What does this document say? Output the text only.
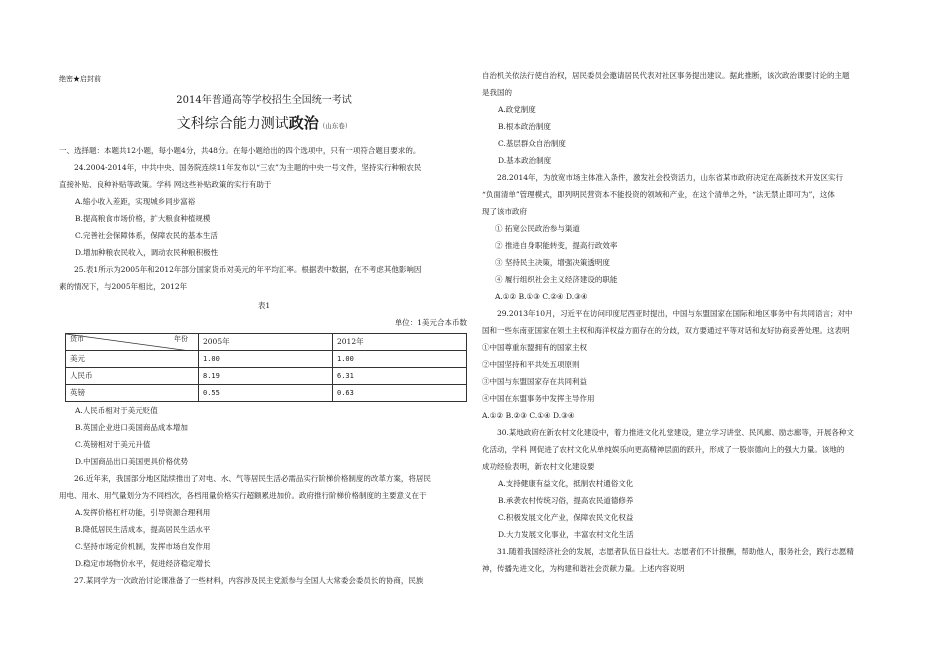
绝密★启封前

2014年普通高等学校招生全国统一考试

文科综合能力测试政治（山东卷）

一、选择题：本题共12小题，每小题4分，共48分。在每小题给出的四个选项中，只有一项符合题目要求的。

24.2004-2014年，中共中央、国务院连续11年发布以“三农”为主题的中央一号文件，坚持实行种粮农民

直接补贴、良种补贴等政策。学科 网这些补贴政策的实行有助于

A.缩小收入差距，实现城乡同步富裕

B.提高粮食市场价格，扩大粮食种植规模

C.完善社会保障体系，保障农民的基本生活

D.增加种粮农民收入，调动农民种粮积极性

25.表1所示为2005年和2012年部分国家货币对美元的年平均汇率。根据表中数据，在不考虑其他影响因

素的情况下，与2005年相比，2012年

表1

单位：1美元合本币数

货币 年份	2005年	2012年
美元	1.00	1.00
人民币	8.19	6.31
英镑	0.55	0.63

A.人民币相对于美元贬值

B.英国企业进口美国商品成本增加

C.英镑相对于美元升值

D.中国商品出口美国更具价格优势

26.近年来，我国部分地区陆续推出了对电、水、气等居民生活必需品实行阶梯价格制度的改革方案，将居民

用电、用水、用气量划分为不同档次，各档用量价格实行超额累进加价。政府推行阶梯价格制度的主要意义在于

A.发挥价格杠杆功能，引导资源合理利用

B.降低居民生活成本，提高居民生活水平

C.坚持市场定价机制，发挥市场自发作用

D.稳定市场物价水平，促进经济稳定增长

27.某同学为一次政治讨论课准备了一些材料，内容涉及民主党派参与全国人大常委会委员长的协商，民族

自治机关依法行使自治权，居民委员会邀请居民代表对社区事务提出建议。据此推断，该次政治课要讨论的主题

是我国的

A.政党制度

B.根本政治制度

C.基层群众自治制度

D.基本政治制度

28.2014年，为放宽市场主体准入条件，激发社会投资活力，山东省某市政府决定在高新技术开发区实行

“负面清单”管理模式，即列明民营资本不能投资的领域和产业，在这个清单之外，“法无禁止即可为”，这体

现了该市政府

① 拓宽公民政治参与渠道

② 推进自身职能转变，提高行政效率

③ 坚持民主决策，增强决策透明度

④ 履行组织社会主义经济建设的职能

A.①② B.①③ C.②④ D.③④

29.2013年10月，习近平在访问印度尼西亚时提出，中国与东盟国家在国际和地区事务中有共同语言；对中

国和一些东南亚国家在领土主权和海洋权益方面存在的分歧，双方要通过平等对话和友好协商妥善处理。这表明

①中国尊重东盟拥有的国家主权

②中国坚持和平共处五项原则

③中国与东盟国家存在共同利益

④中国在东盟事务中发挥主导作用

A.①② B.②③ C.①④ D.③④

30.某地政府在新农村文化建设中，着力推进文化礼堂建设，建立学习讲堂、民风廊、励志廊等，开展各种文

化活动，学科 网促进了农村文化从单纯娱乐向更高精神层面的跃升，形成了一股崇德向上的强大力量。该地的

成功经验表明，新农村文化建设要

A.支持健康有益文化，抵制农村通俗文化

B.承袭农村传统习俗，提高农民道德修养

C.积极发展文化产业，保障农民文化权益

D.大力发展文化事业，丰富农村文化生活

31.随着我国经济社会的发展，志愿者队伍日益壮大。志愿者们不计报酬，帮助他人，服务社会，践行志愿精

神，传播先进文化，为构建和谐社会贡献力量。上述内容说明
